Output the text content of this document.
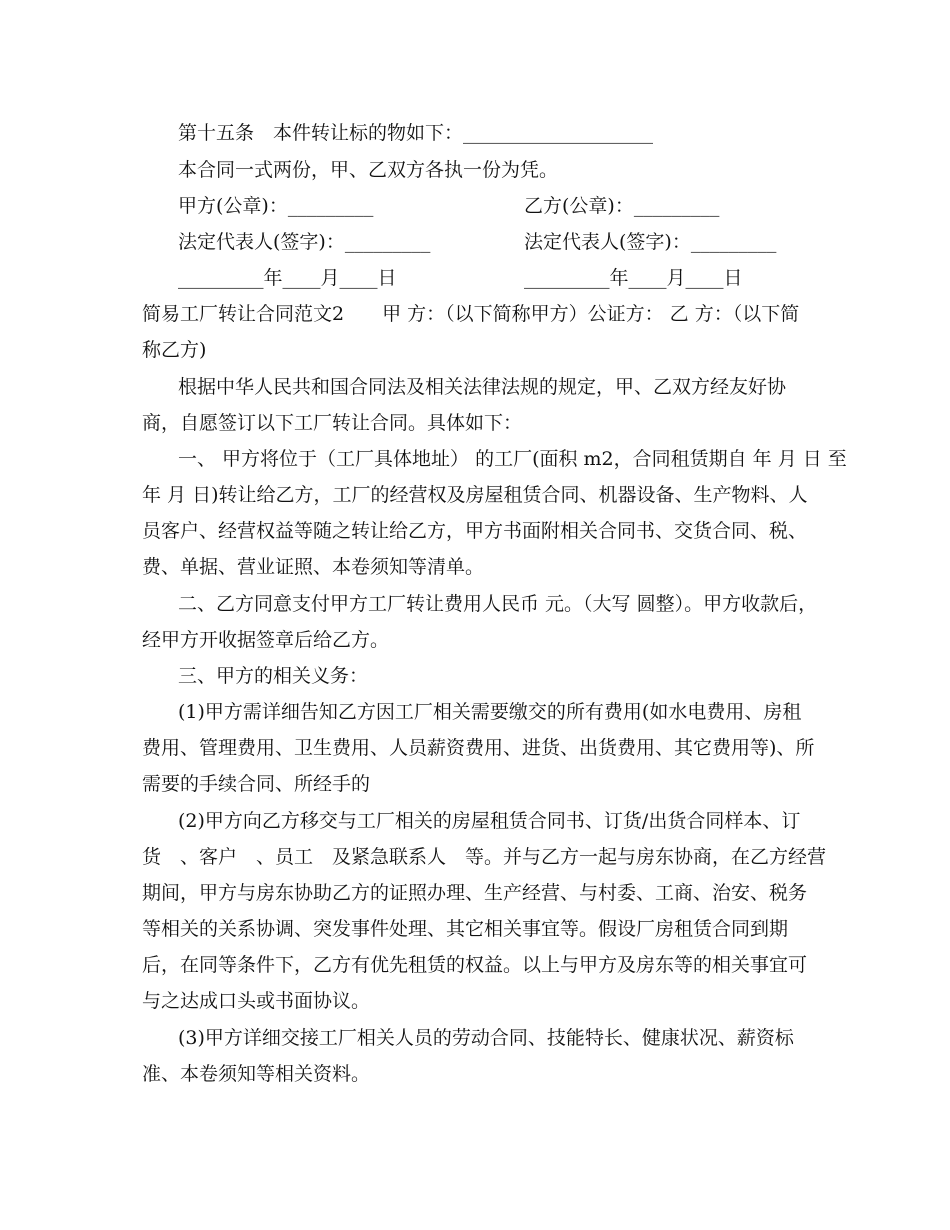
第十五条　本件转让标的物如下：____________________
本合同一式两份，甲、乙双方各执一份为凭。
甲方(公章)：_________	乙方(公章)：_________
法定代表人(签字)：_________	法定代表人(签字)：_________
_________年____月____日	_________年____月____日
简易工厂转让合同范文2　　甲 方：（以下简称甲方）公证方： 乙 方：（以下简
称乙方)
根据中华人民共和国合同法及相关法律法规的规定，甲、乙双方经友好协
商，自愿签订以下工厂转让合同。具体如下：
一、 甲方将位于（工厂具体地址） 的工厂(面积 m2，合同租赁期自 年 月 日 至
年 月 日)转让给乙方，工厂的经营权及房屋租赁合同、机器设备、生产物料、人
员客户、经营权益等随之转让给乙方，甲方书面附相关合同书、交货合同、税、
费、单据、营业证照、本卷须知等清单。
二、乙方同意支付甲方工厂转让费用人民币 元。（大写 圆整）。甲方收款后，
经甲方开收据签章后给乙方。
三、甲方的相关义务：
(1)甲方需详细告知乙方因工厂相关需要缴交的所有费用(如水电费用、房租
费用、管理费用、卫生费用、人员薪资费用、进货、出货费用、其它费用等)、所
需要的手续合同、所经手的
(2)甲方向乙方移交与工厂相关的房屋租赁合同书、订货/出货合同样本、订
货　、客户　、员工　及紧急联系人　等。并与乙方一起与房东协商，在乙方经营
期间，甲方与房东协助乙方的证照办理、生产经营、与村委、工商、治安、税务
等相关的关系协调、突发事件处理、其它相关事宜等。假设厂房租赁合同到期
后，在同等条件下，乙方有优先租赁的权益。以上与甲方及房东等的相关事宜可
与之达成口头或书面协议。
(3)甲方详细交接工厂相关人员的劳动合同、技能特长、健康状况、薪资标
准、本卷须知等相关资料。
